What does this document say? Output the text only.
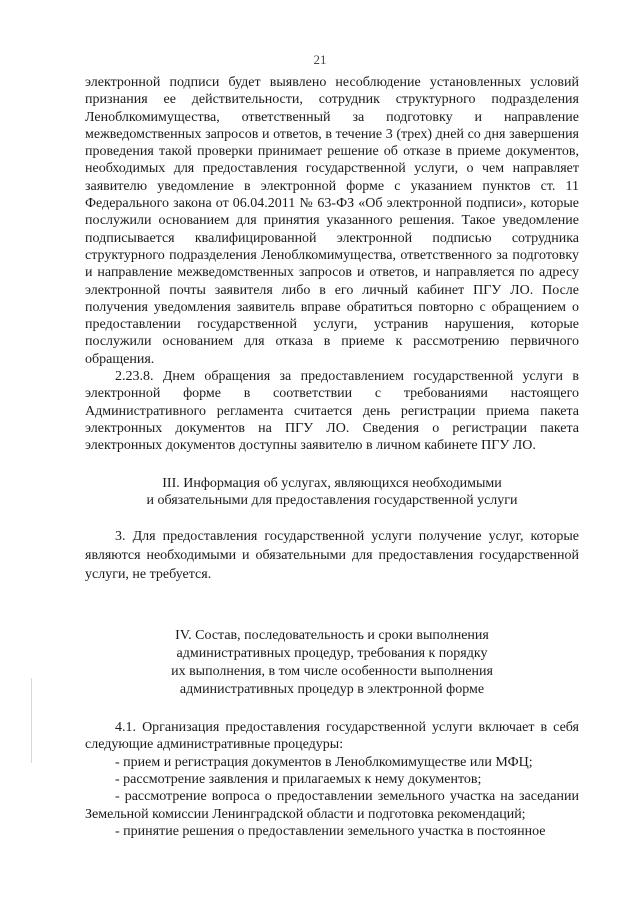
21

электронной подписи будет выявлено несоблюдение установленных условий признания ее действительности, сотрудник структурного подразделения Леноблкомимущества, ответственный за подготовку и направление межведомственных запросов и ответов, в течение 3 (трех) дней со дня завершения проведения такой проверки принимает решение об отказе в приеме документов, необходимых для предоставления государственной услуги, о чем направляет заявителю уведомление в электронной форме с указанием пунктов ст. 11 Федерального закона от 06.04.2011 № 63-ФЗ «Об электронной подписи», которые послужили основанием для принятия указанного решения. Такое уведомление подписывается квалифицированной электронной подписью сотрудника структурного подразделения Леноблкомимущества, ответственного за подготовку и направление межведомственных запросов и ответов, и направляется по адресу электронной почты заявителя либо в его личный кабинет ПГУ ЛО. После получения уведомления заявитель вправе обратиться повторно с обращением о предоставлении государственной услуги, устранив нарушения, которые послужили основанием для отказа в приеме к рассмотрению первичного обращения.

2.23.8. Днем обращения за предоставлением государственной услуги в электронной форме в соответствии с требованиями настоящего Административного регламента считается день регистрации приема пакета электронных документов на ПГУ ЛО. Сведения о регистрации пакета электронных документов доступны заявителю в личном кабинете ПГУ ЛО.

III. Информация об услугах, являющихся необходимыми
и обязательными для предоставления государственной услуги

3. Для предоставления государственной услуги получение услуг, которые являются необходимыми и обязательными для предоставления государственной услуги, не требуется.

IV. Состав, последовательность и сроки выполнения
административных процедур, требования к порядку
их выполнения, в том числе особенности выполнения
административных процедур в электронной форме

4.1. Организация предоставления государственной услуги включает в себя следующие административные процедуры:

- прием и регистрация документов в Леноблкомимуществе или МФЦ;

- рассмотрение заявления и прилагаемых к нему документов;

- рассмотрение вопроса о предоставлении земельного участка на заседании Земельной комиссии Ленинградской области и подготовка рекомендаций;

- принятие решения о предоставлении земельного участка в постоянное
